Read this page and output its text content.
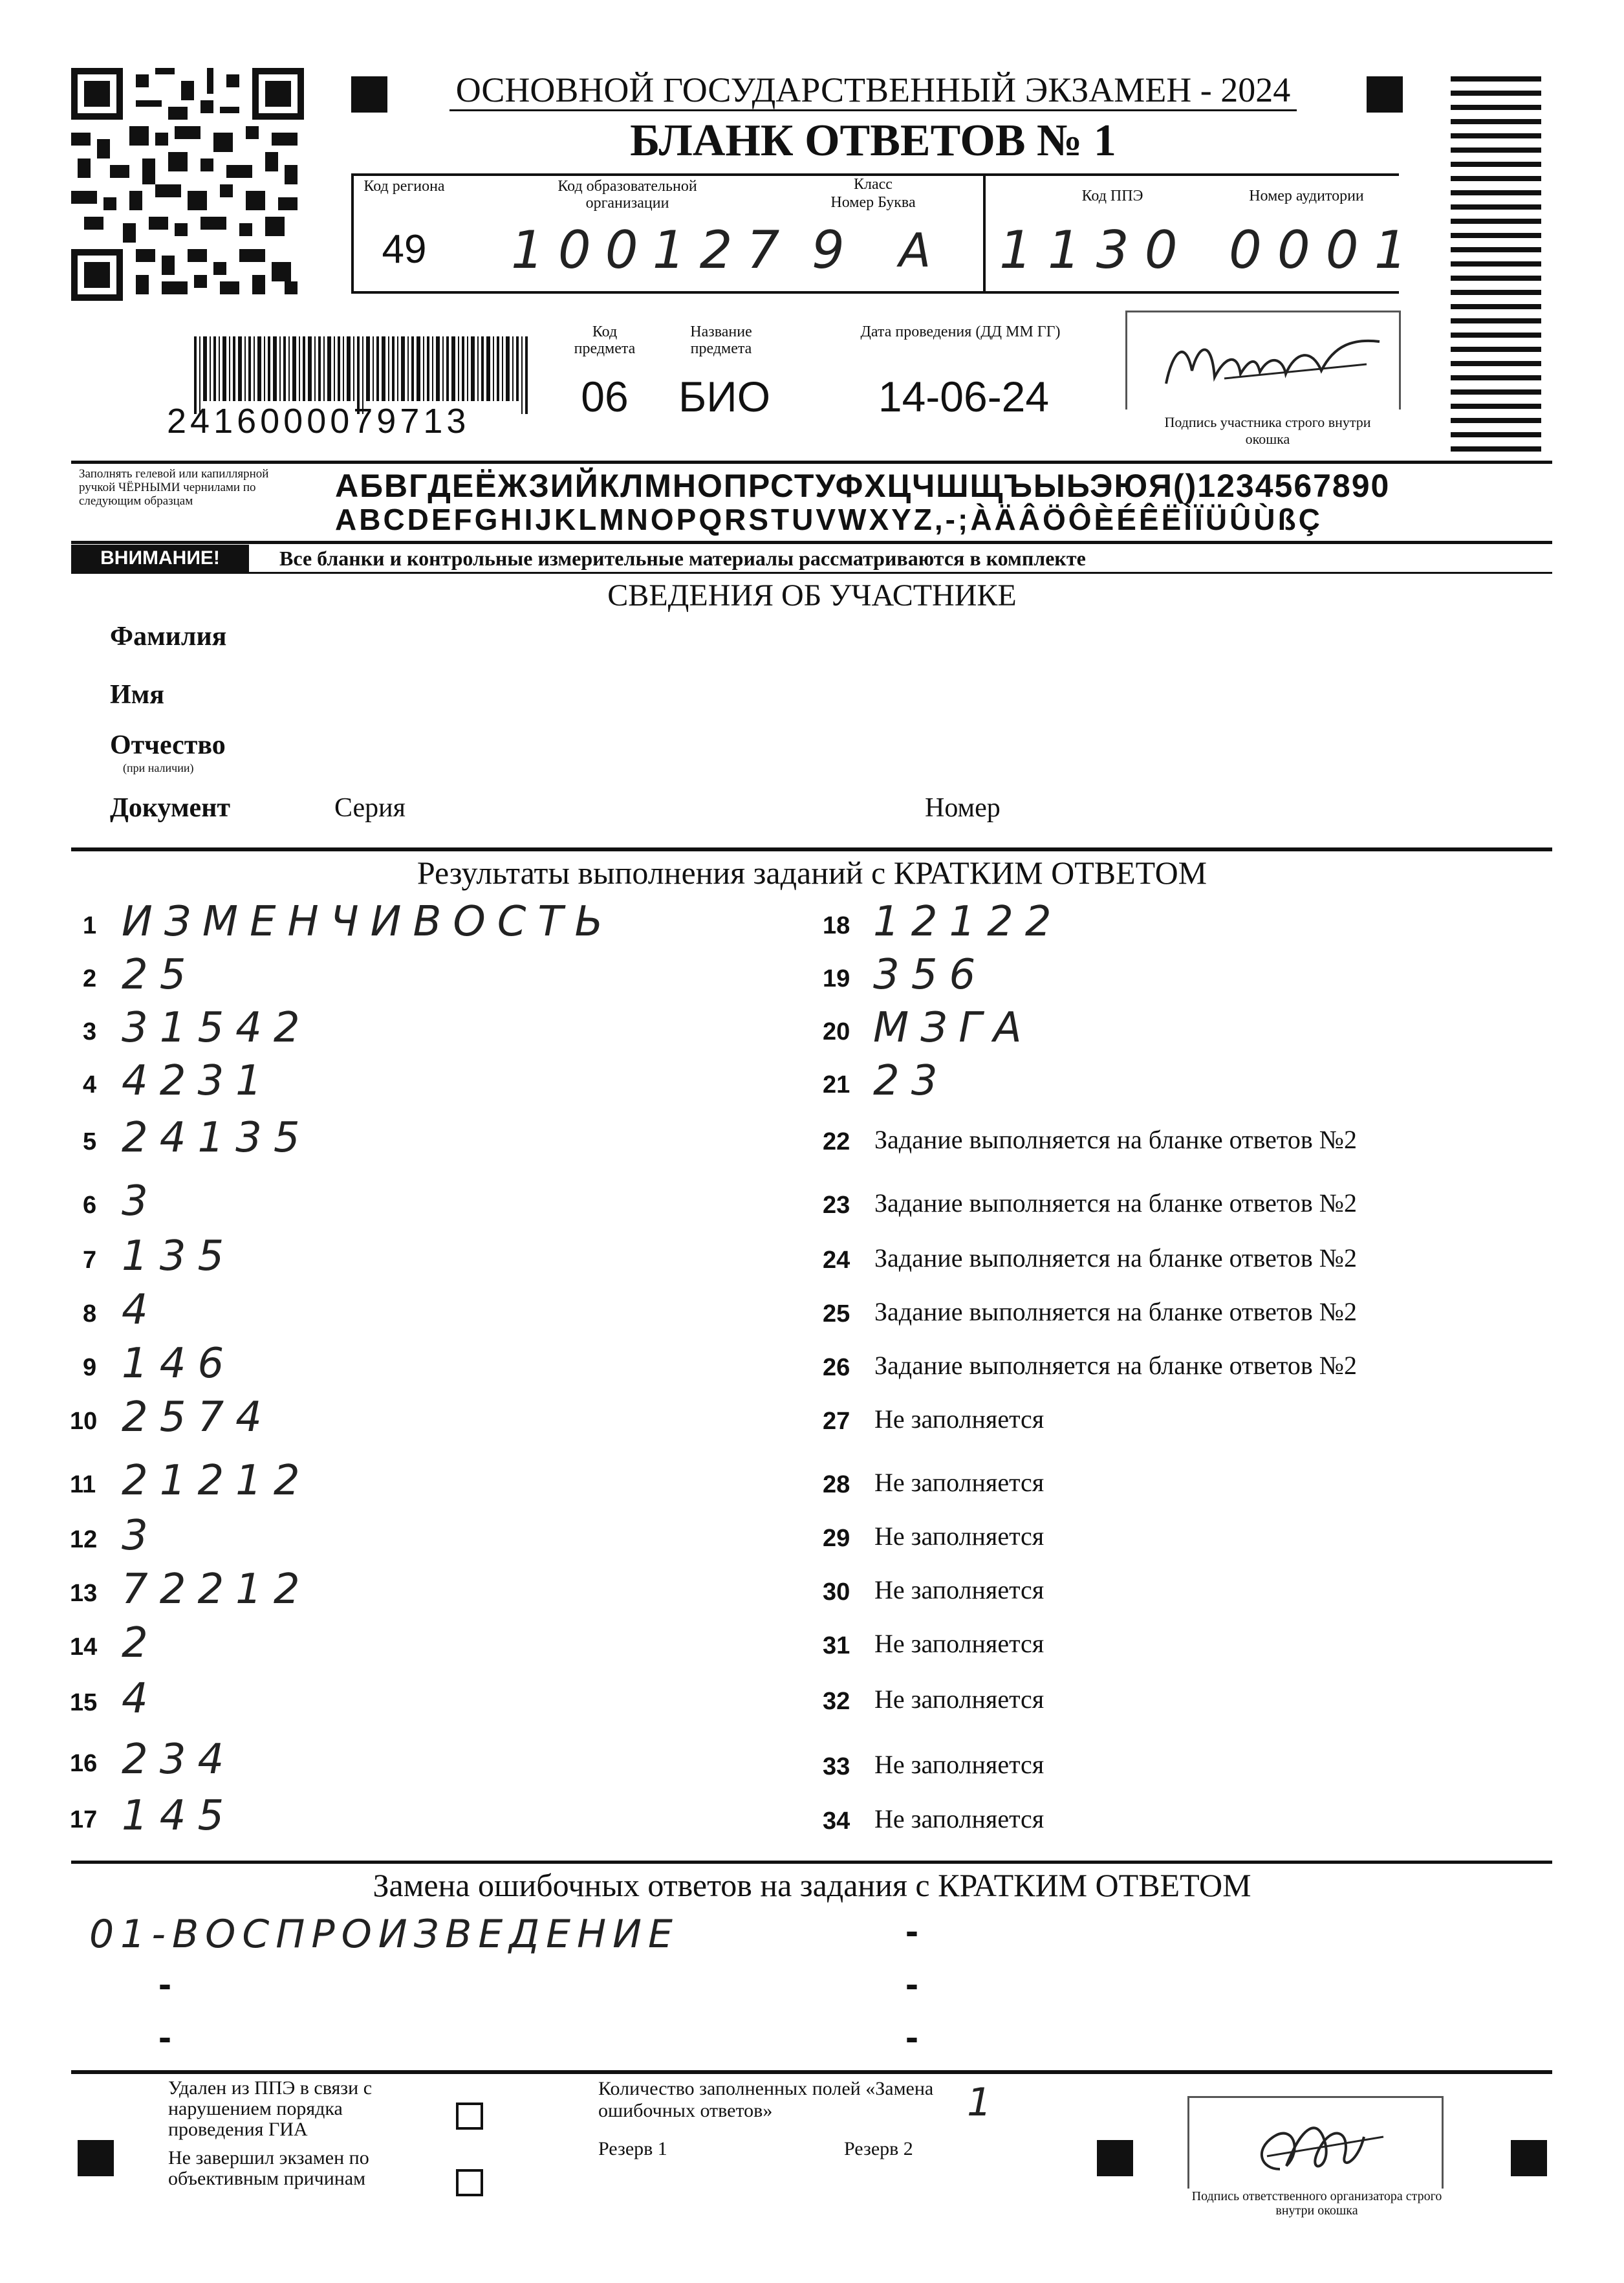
ОСНОВНОЙ ГОСУДАРСТВЕННЫЙ ЭКЗАМЕН - 2024
БЛАНК ОТВЕТОВ № 1
Код региона
49
Код образовательной организации
100127
Класс
Номер Буква
9 А
Код ППЭ
1130
Номер аудитории
0001
2416000079713
Код предмета
06
Название предмета
БИО
Дата проведения (ДД ММ ГГ)
14-06-24
Подпись участника строго внутри окошка
Заполнять гелевой или капиллярной ручкой ЧЁРНЫМИ чернилами по следующим образцам	АБВГДЕЁЖЗИЙКЛМНОПРСТУФХЦЧШЩЪЫЬЭЮЯ()1234567890
ABCDEFGHIJKLMNOPQRSTUVWXYZ,-;ÀÄÂÖÔÈÉÊËÌÏÜÛÙßÇ
ВНИМАНИЕ!	Все бланки и контрольные измерительные материалы рассматриваются в комплекте
СВЕДЕНИЯ ОБ УЧАСТНИКЕ
Фамилия
Имя
Отчество
(при наличии)
Документ	Серия	Номер
Результаты выполнения заданий с КРАТКИМ ОТВЕТОМ
1 ИЗМЕНЧИВОСТЬ
2 25
3 31542
4 4231
5 24135
6 3
7 135
8 4
9 146
10 2574
11 21212
12 3
13 72212
14 2
15 4
16 234
17 145
18 12122
19 356
20 МЗГА
21 23
22 Задание выполняется на бланке ответов №2
23 Задание выполняется на бланке ответов №2
24 Задание выполняется на бланке ответов №2
25 Задание выполняется на бланке ответов №2
26 Задание выполняется на бланке ответов №2
27 Не заполняется
28 Не заполняется
29 Не заполняется
30 Не заполняется
31 Не заполняется
32 Не заполняется
33 Не заполняется
34 Не заполняется
Замена ошибочных ответов на задания с КРАТКИМ ОТВЕТОМ
01-ВОСПРОИЗВЕДЕНИЕ	-
-	-
-	-
Удален из ППЭ в связи с нарушением порядка проведения ГИА
Не завершил экзамен по объективным причинам
Количество заполненных полей «Замена ошибочных ответов»	1
Резерв 1	Резерв 2
Подпись ответственного организатора строго внутри окошка
